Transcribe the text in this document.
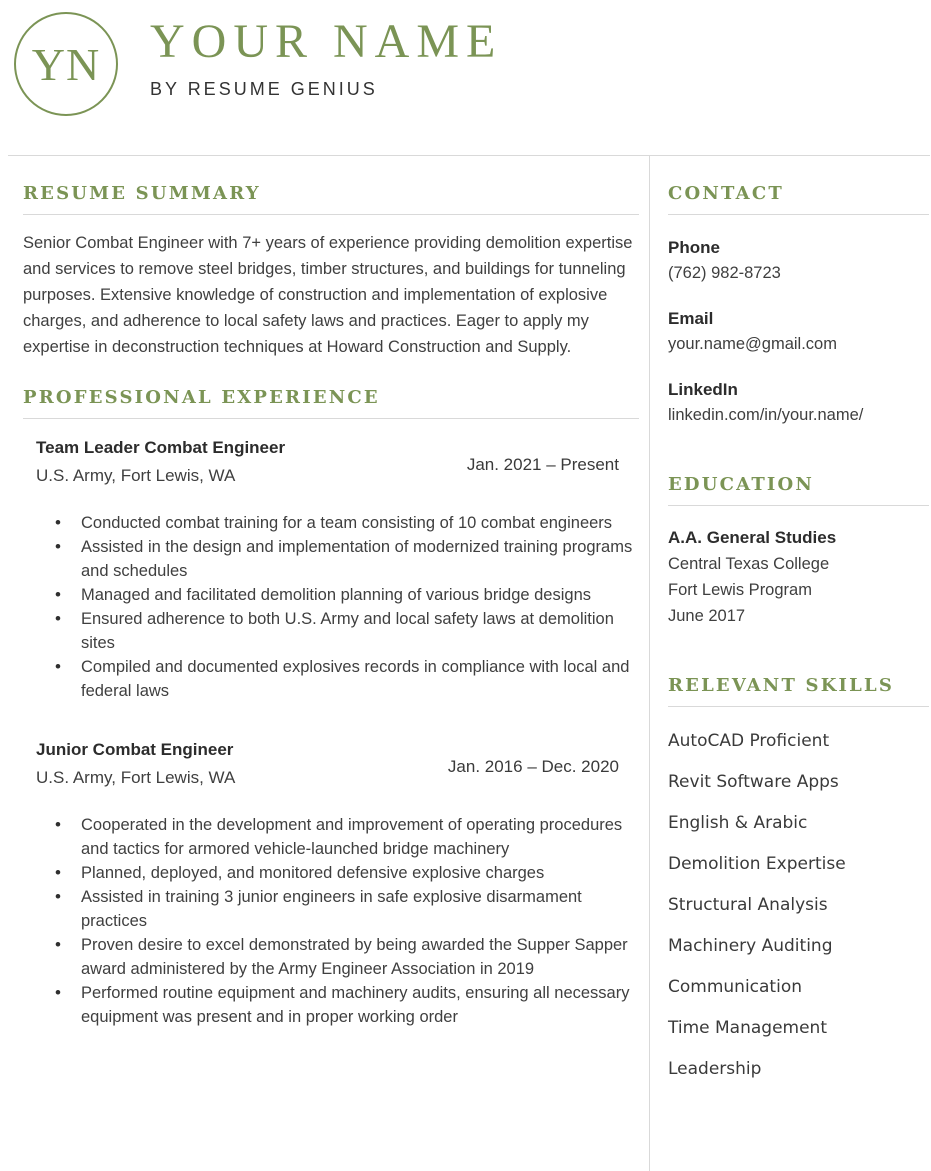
YN YOUR NAME
BY RESUME GENIUS
RESUME SUMMARY

Senior Combat Engineer with 7+ years of experience providing demolition expertise and services to remove steel bridges, timber structures, and buildings for tunneling purposes. Extensive knowledge of construction and implementation of explosive charges, and adherence to local safety laws and practices. Eager to apply my expertise in deconstruction techniques at Howard Construction and Supply.

PROFESSIONAL EXPERIENCE
Team Leader Combat Engineer
U.S. Army, Fort Lewis, WA
Jan. 2021 – Present
• Conducted combat training for a team consisting of 10 combat engineers
• Assisted in the design and implementation of modernized training programs and schedules
• Managed and facilitated demolition planning of various bridge designs
• Ensured adherence to both U.S. Army and local safety laws at demolition sites
• Compiled and documented explosives records in compliance with local and federal laws
Junior Combat Engineer
U.S. Army, Fort Lewis, WA
Jan. 2016 – Dec. 2020
• Cooperated in the development and improvement of operating procedures and tactics for armored vehicle-launched bridge machinery
• Planned, deployed, and monitored defensive explosive charges
• Assisted in training 3 junior engineers in safe explosive disarmament practices
• Proven desire to excel demonstrated by being awarded the Supper Sapper award administered by the Army Engineer Association in 2019
• Performed routine equipment and machinery audits, ensuring all necessary equipment was present and in proper working order
CONTACT
Phone
(762) 982-8723
Email
your.name@gmail.com
LinkedIn
linkedin.com/in/your.name/
EDUCATION
A.A. General Studies
Central Texas College
Fort Lewis Program
June 2017
RELEVANT SKILLS
AutoCAD Proficient
Revit Software Apps
English & Arabic
Demolition Expertise
Structural Analysis
Machinery Auditing
Communication
Time Management
Leadership
